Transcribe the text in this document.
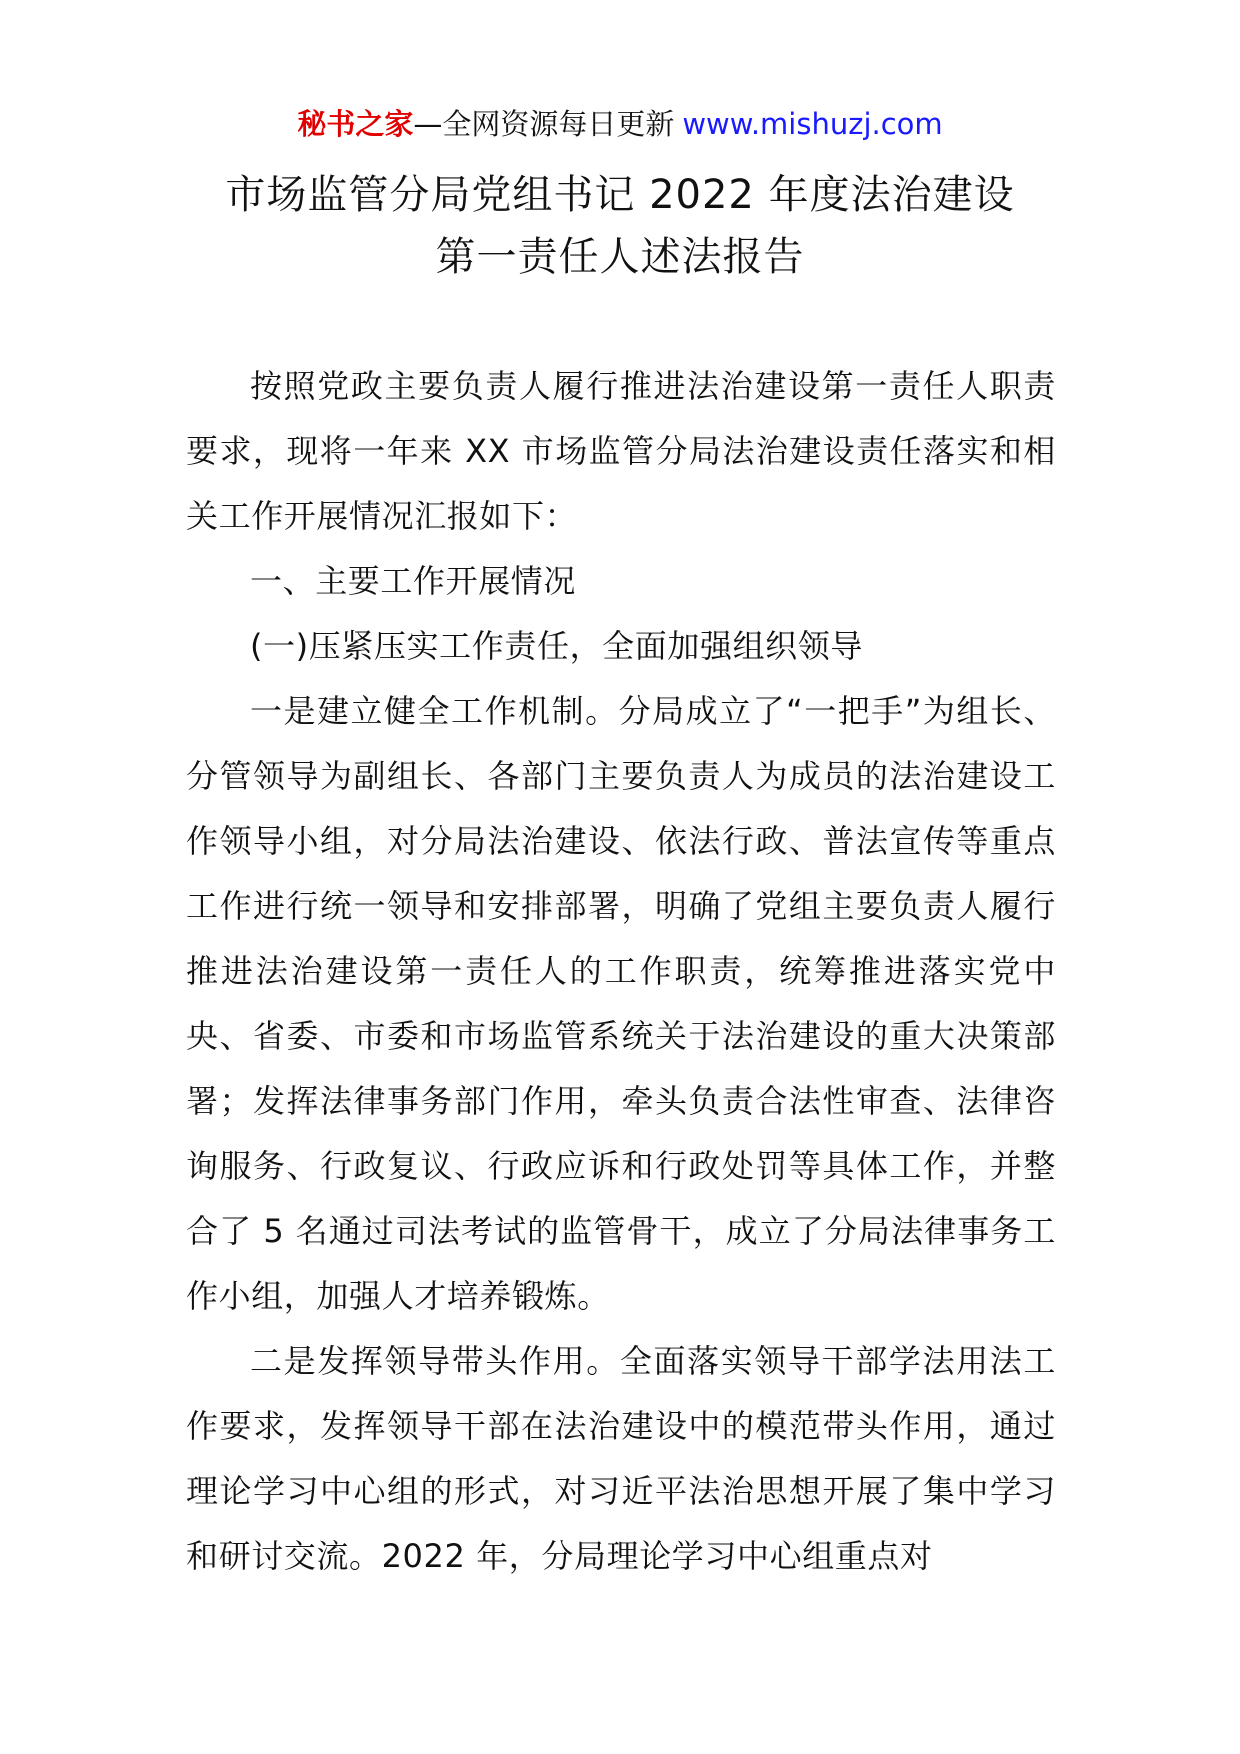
秘书之家—全网资源每日更新 www.mishuzj.com
市场监管分局党组书记 2022 年度法治建设
第一责任人述法报告

按照党政主要负责人履行推进法治建设第一责任人职责要求，现将一年来 XX 市场监管分局法治建设责任落实和相关工作开展情况汇报如下：

一、主要工作开展情况

(一)压紧压实工作责任，全面加强组织领导

一是建立健全工作机制。分局成立了“一把手”为组长、分管领导为副组长、各部门主要负责人为成员的法治建设工作领导小组，对分局法治建设、依法行政、普法宣传等重点工作进行统一领导和安排部署，明确了党组主要负责人履行推进法治建设第一责任人的工作职责，统筹推进落实党中央、省委、市委和市场监管系统关于法治建设的重大决策部署；发挥法律事务部门作用，牵头负责合法性审查、法律咨询服务、行政复议、行政应诉和行政处罚等具体工作，并整合了 5 名通过司法考试的监管骨干，成立了分局法律事务工作小组，加强人才培养锻炼。

二是发挥领导带头作用。全面落实领导干部学法用法工作要求，发挥领导干部在法治建设中的模范带头作用，通过理论学习中心组的形式，对习近平法治思想开展了集中学习和研讨交流。2022 年，分局理论学习中心组重点对
